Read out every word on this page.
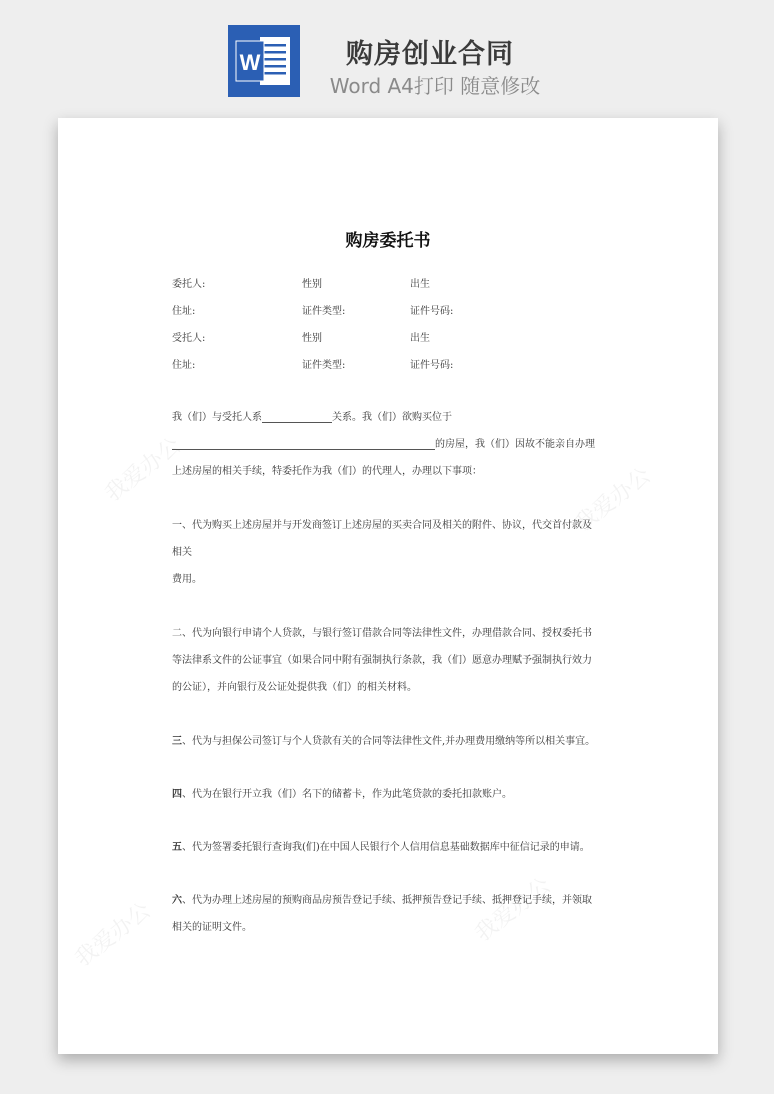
W	购房创业合同
Word A4打印 随意修改
我爱办公	我爱办公
我爱办公	我爱办公
购房委托书
委托人:	性别	出生
住址:	证件类型:	证件号码:
受托人:	性别	出生
住址:	证件类型:	证件号码:
我（们）与受托人系	关系。我（们）欲购买位于
的房屋，我（们）因故不能亲自办理
上述房屋的相关手续，特委托作为我（们）的代理人，办理以下事项：
一、代为购买上述房屋并与开发商签订上述房屋的买卖合同及相关的附件、协议，代交首付款及
相关
费用。
二、代为向银行申请个人贷款，与银行签订借款合同等法律性文件，办理借款合同、授权委托书
等法律系文件的公证事宜（如果合同中附有强制执行条款，我（们）愿意办理赋予强制执行效力
的公证），并向银行及公证处提供我（们）的相关材料。
三、代为与担保公司签订与个人贷款有关的合同等法律性文件,并办理费用缴纳等所以相关事宜。
四、代为在银行开立我（们）名下的储蓄卡，作为此笔贷款的委托扣款账户。
五、代为签署委托银行查询我(们)在中国人民银行个人信用信息基础数据库中征信记录的申请。
六、代为办理上述房屋的预购商品房预告登记手续、抵押预告登记手续、抵押登记手续，并领取
相关的证明文件。
